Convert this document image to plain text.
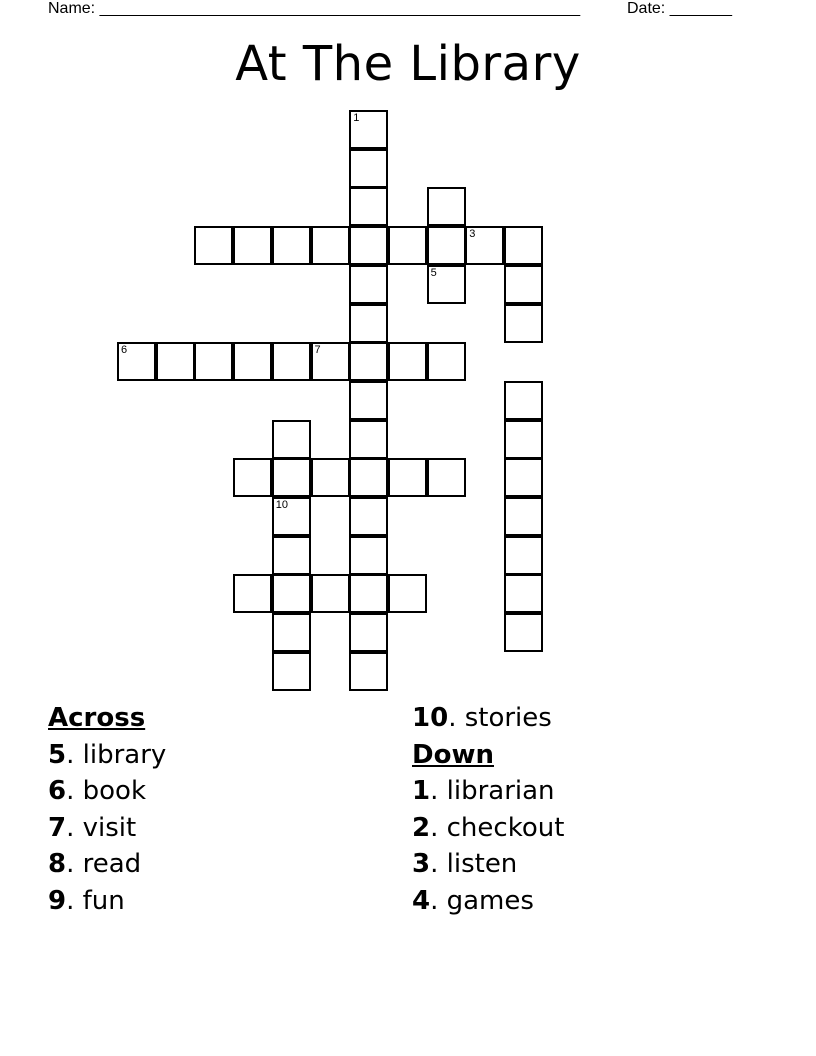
Name: ______________________________________________________	Date: _______
At The Library
6	7
3
10
1
5
Across
5. library
6. book
7. visit
8. read
9. fun
10. stories
Down
1. librarian
2. checkout
3. listen
4. games
